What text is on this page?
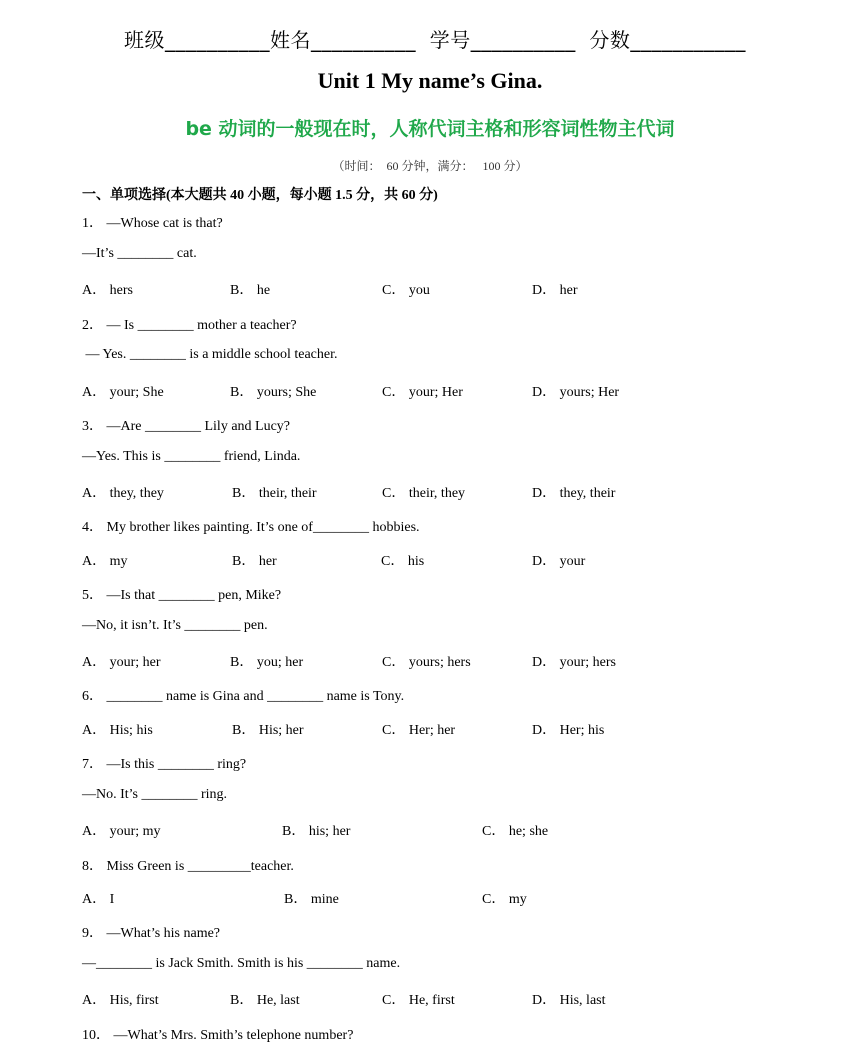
班级__________姓名__________  学号__________  分数___________
Unit 1 My name’s Gina.
be 动词的一般现在时，人称代词主格和形容词性物主代词
（时间：  60 分钟，满分：   100 分）
一、单项选择(本大题共 40 小题，每小题 1.5 分，共 60 分)
1． —Whose cat is that?
—It’s ________ cat.
A． hers	B． he	C． you	D． her
2． — Is ________ mother a teacher?
— Yes. ________ is a middle school teacher.
A． your; She	B． yours; She	C． your; Her	D． yours; Her
3． —Are ________ Lily and Lucy?
—Yes. This is ________ friend, Linda.
A． they, they	B． their, their	C． their, they	D． they, their
4． My brother likes painting. It’s one of________ hobbies.
A． my	B． her	C． his	D． your
5． —Is that ________ pen, Mike?
—No, it isn’t. It’s ________ pen.
A． your; her	B． you; her	C． yours; hers	D． your; hers
6． ________ name is Gina and ________ name is Tony.
A． His; his	B． His; her	C． Her; her	D． Her; his
7． —Is this ________ ring?
—No. It’s ________ ring.
A． your; my	B． his; her	C． he; she
8． Miss Green is _________teacher.
A． I	B． mine	C． my
9． —What’s his name?
—________ is Jack Smith. Smith is his ________ name.
A． His, first	B． He, last	C． He, first	D． His, last
10． —What’s Mrs. Smith’s telephone number?
